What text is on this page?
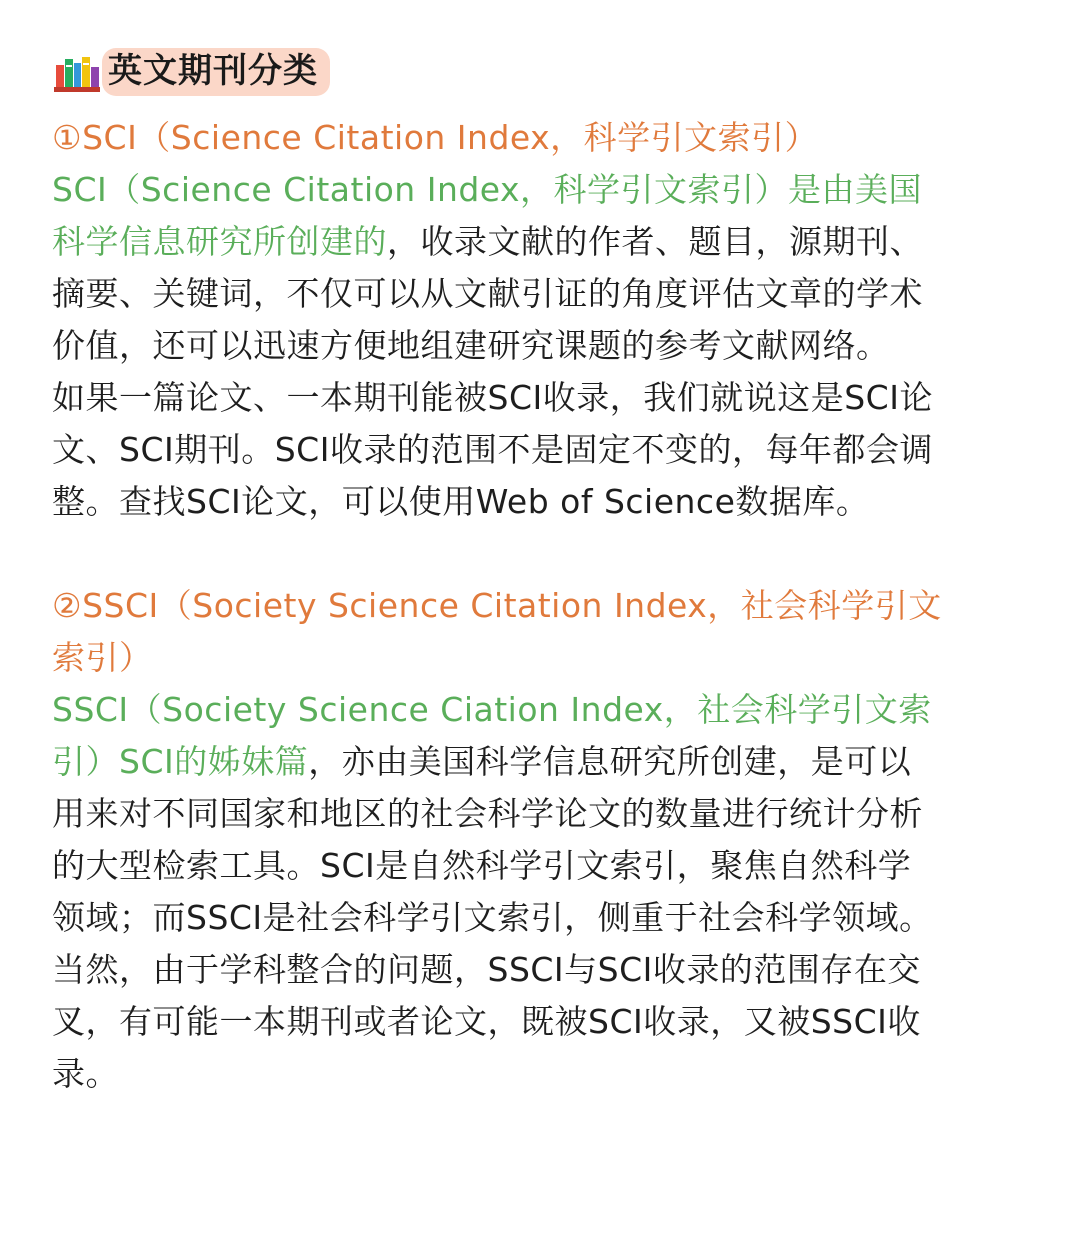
英文期刊分类
①SCI（Science Citation Index，科学引文索引）
SCI（Science Citation Index，科学引文索引）是由美国
科学信息研究所创建的，收录文献的作者、题目，源期刊、
摘要、关键词，不仅可以从文献引证的角度评估文章的学术
价值，还可以迅速方便地组建研究课题的参考文献网络。
如果一篇论文、一本期刊能被SCI收录，我们就说这是SCI论
文、SCI期刊。SCI收录的范围不是固定不变的，每年都会调
整。查找SCI论文，可以使用Web of Science数据库。
②SSCI（Society Science Citation Index，社会科学引文
索引）
SSCI（Society Science Ciation Index，社会科学引文索
引）SCI的姊妹篇，亦由美国科学信息研究所创建，是可以
用来对不同国家和地区的社会科学论文的数量进行统计分析
的大型检索工具。SCI是自然科学引文索引，聚焦自然科学
领域；而SSCI是社会科学引文索引，侧重于社会科学领域。
当然，由于学科整合的问题，SSCI与SCI收录的范围存在交
叉，有可能一本期刊或者论文，既被SCI收录，又被SSCI收
录。
